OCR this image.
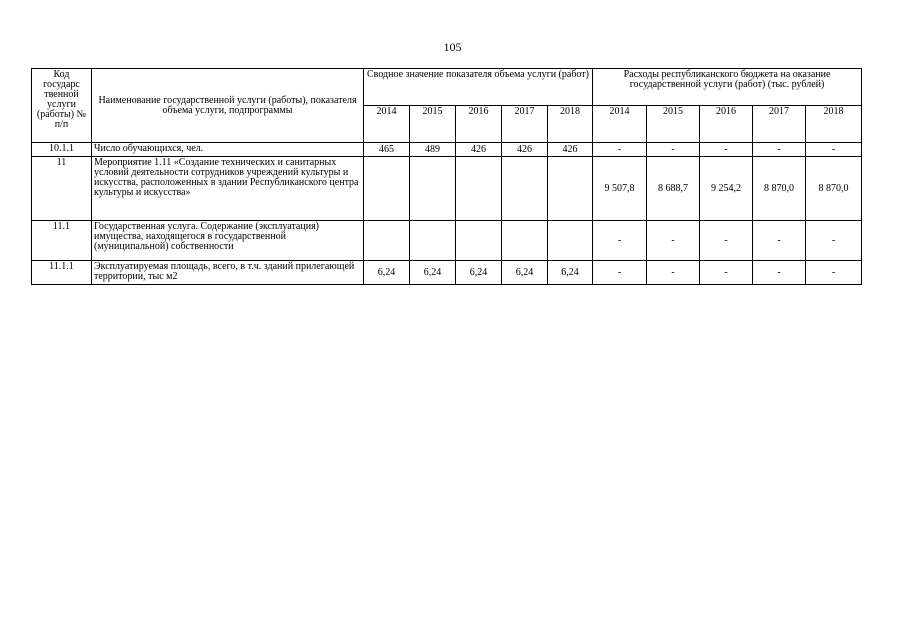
105
Код государс твенной услуги (работы) № п/п	Наименование государственной услуги (работы), показателя объема услуги, подпрограммы	Сводное значение показателя объема услуги (работ)					Расходы республиканского бюджета на оказание государственной услуги (работ) (тыс. рублей)				
		2014	2015	2016	2017	2018	2014	2015	2016	2017	2018
10.1.1	Число обучающихся, чел.	465	489	426	426	426	-	-	-	-	-
11	Мероприятие 1.11 «Создание технических и санитарных условий деятельности сотрудников учреждений культуры и искусства, расположенных в здании Республиканского центра культуры и искусства»						9 507,8	8 688,7	9 254,2	8 870,0	8 870,0
11.1	Государственная услуга. Содержание (эксплуатация) имущества, находящегося в государственной (муниципальной) собственности						-	-	-	-	-
11.1.1	Эксплуатируемая площадь, всего, в т.ч. зданий прилегающей территории, тыс м2	6,24	6,24	6,24	6,24	6,24	-	-	-	-	-
